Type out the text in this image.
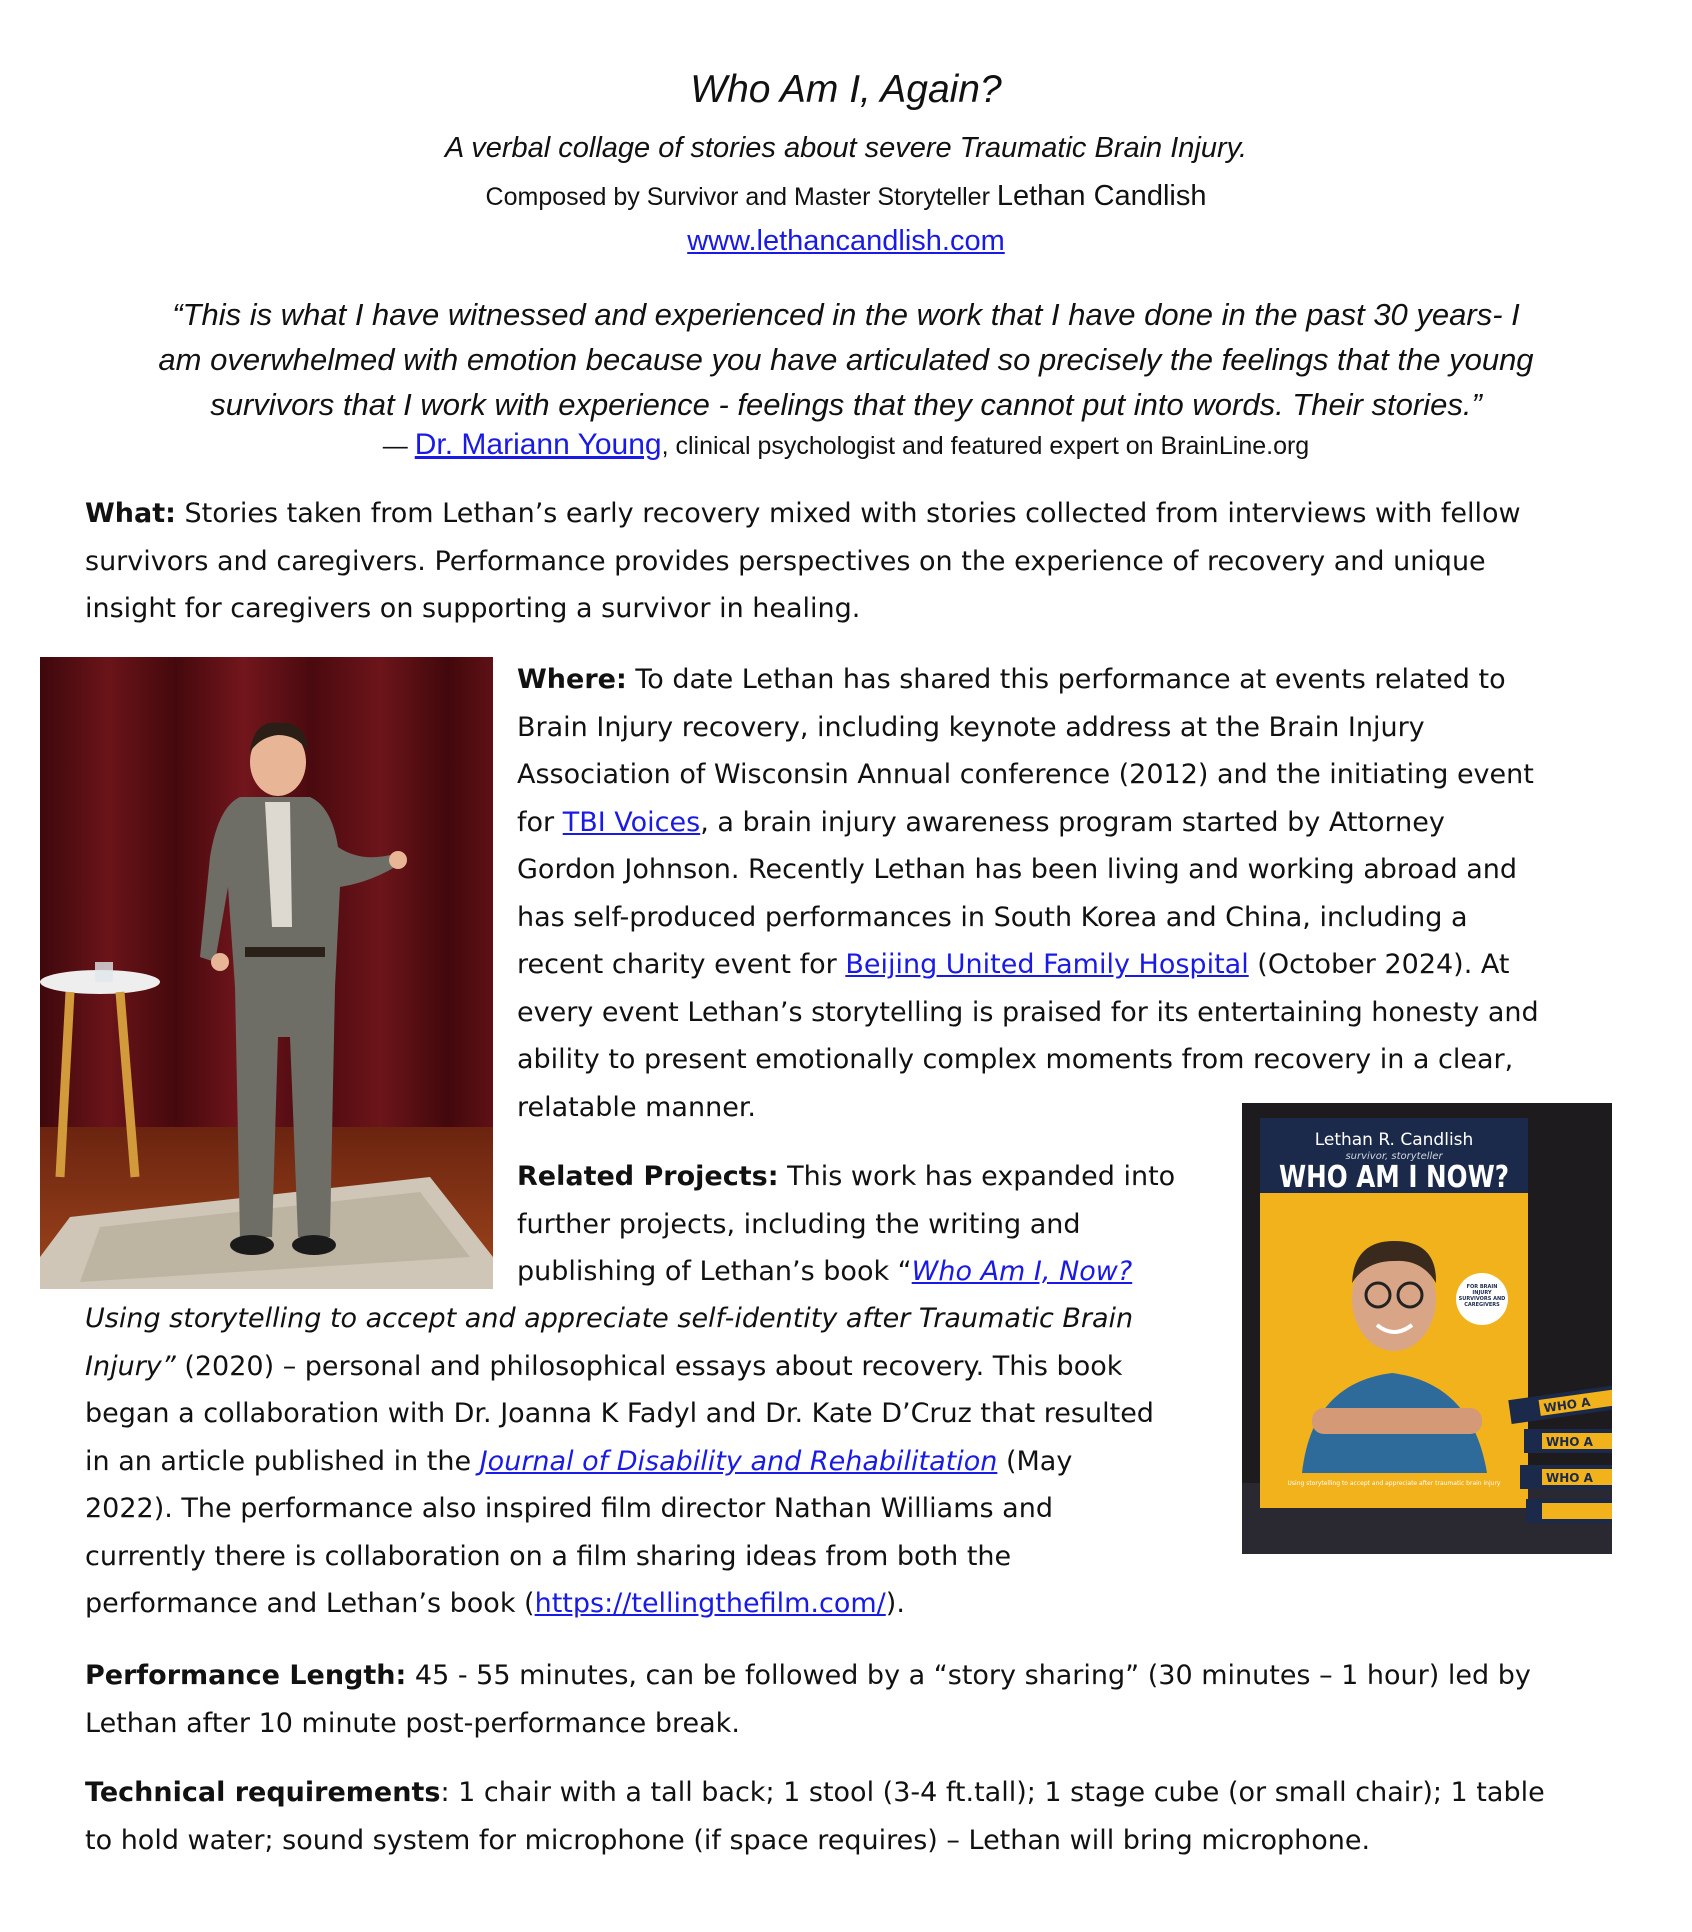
Who Am I, Again?
A verbal collage of stories about severe Traumatic Brain Injury.
Composed by Survivor and Master Storyteller Lethan Candlish
www.lethancandlish.com
“This is what I have witnessed and experienced in the work that I have done in the past 30 years- I
am overwhelmed with emotion because you have articulated so precisely the feelings that the young
survivors that I work with experience - feelings that they cannot put into words. Their stories.”
— Dr. Mariann Young, clinical psychologist and featured expert on BrainLine.org
What: Stories taken from Lethan’s early recovery mixed with stories collected from interviews with fellow
survivors and caregivers. Performance provides perspectives on the experience of recovery and unique
insight for caregivers on supporting a survivor in healing.
Where: To date Lethan has shared this performance at events related to
Brain Injury recovery, including keynote address at the Brain Injury
Association of Wisconsin Annual conference (2012) and the initiating event
for TBI Voices, a brain injury awareness program started by Attorney
Gordon Johnson. Recently Lethan has been living and working abroad and
has self-produced performances in South Korea and China, including a
recent charity event for Beijing United Family Hospital (October 2024). At
every event Lethan’s storytelling is praised for its entertaining honesty and
ability to present emotionally complex moments from recovery in a clear,
relatable manner.
Lethan R. Candlish
survivor, storyteller
WHO AM I NOW?
FOR BRAIN INJURY SURVIVORS AND CAREGIVERS
Using storytelling to accept and appreciate after traumatic brain injury
WHO A
WHO A
WHO A
Related Projects: This work has expanded into
further projects, including the writing and
publishing of Lethan’s book “Who Am I, Now?
Using storytelling to accept and appreciate self-identity after Traumatic Brain
Injury” (2020) – personal and philosophical essays about recovery. This book
began a collaboration with Dr. Joanna K Fadyl and Dr. Kate D’Cruz that resulted
in an article published in the Journal of Disability and Rehabilitation (May
2022). The performance also inspired film director Nathan Williams and
currently there is collaboration on a film sharing ideas from both the
performance and Lethan’s book (https://tellingthefilm.com/).
Performance Length: 45 - 55 minutes, can be followed by a “story sharing” (30 minutes – 1 hour) led by
Lethan after 10 minute post-performance break.
Technical requirements: 1 chair with a tall back; 1 stool (3-4 ft.tall); 1 stage cube (or small chair); 1 table
to hold water; sound system for microphone (if space requires) – Lethan will bring microphone.
